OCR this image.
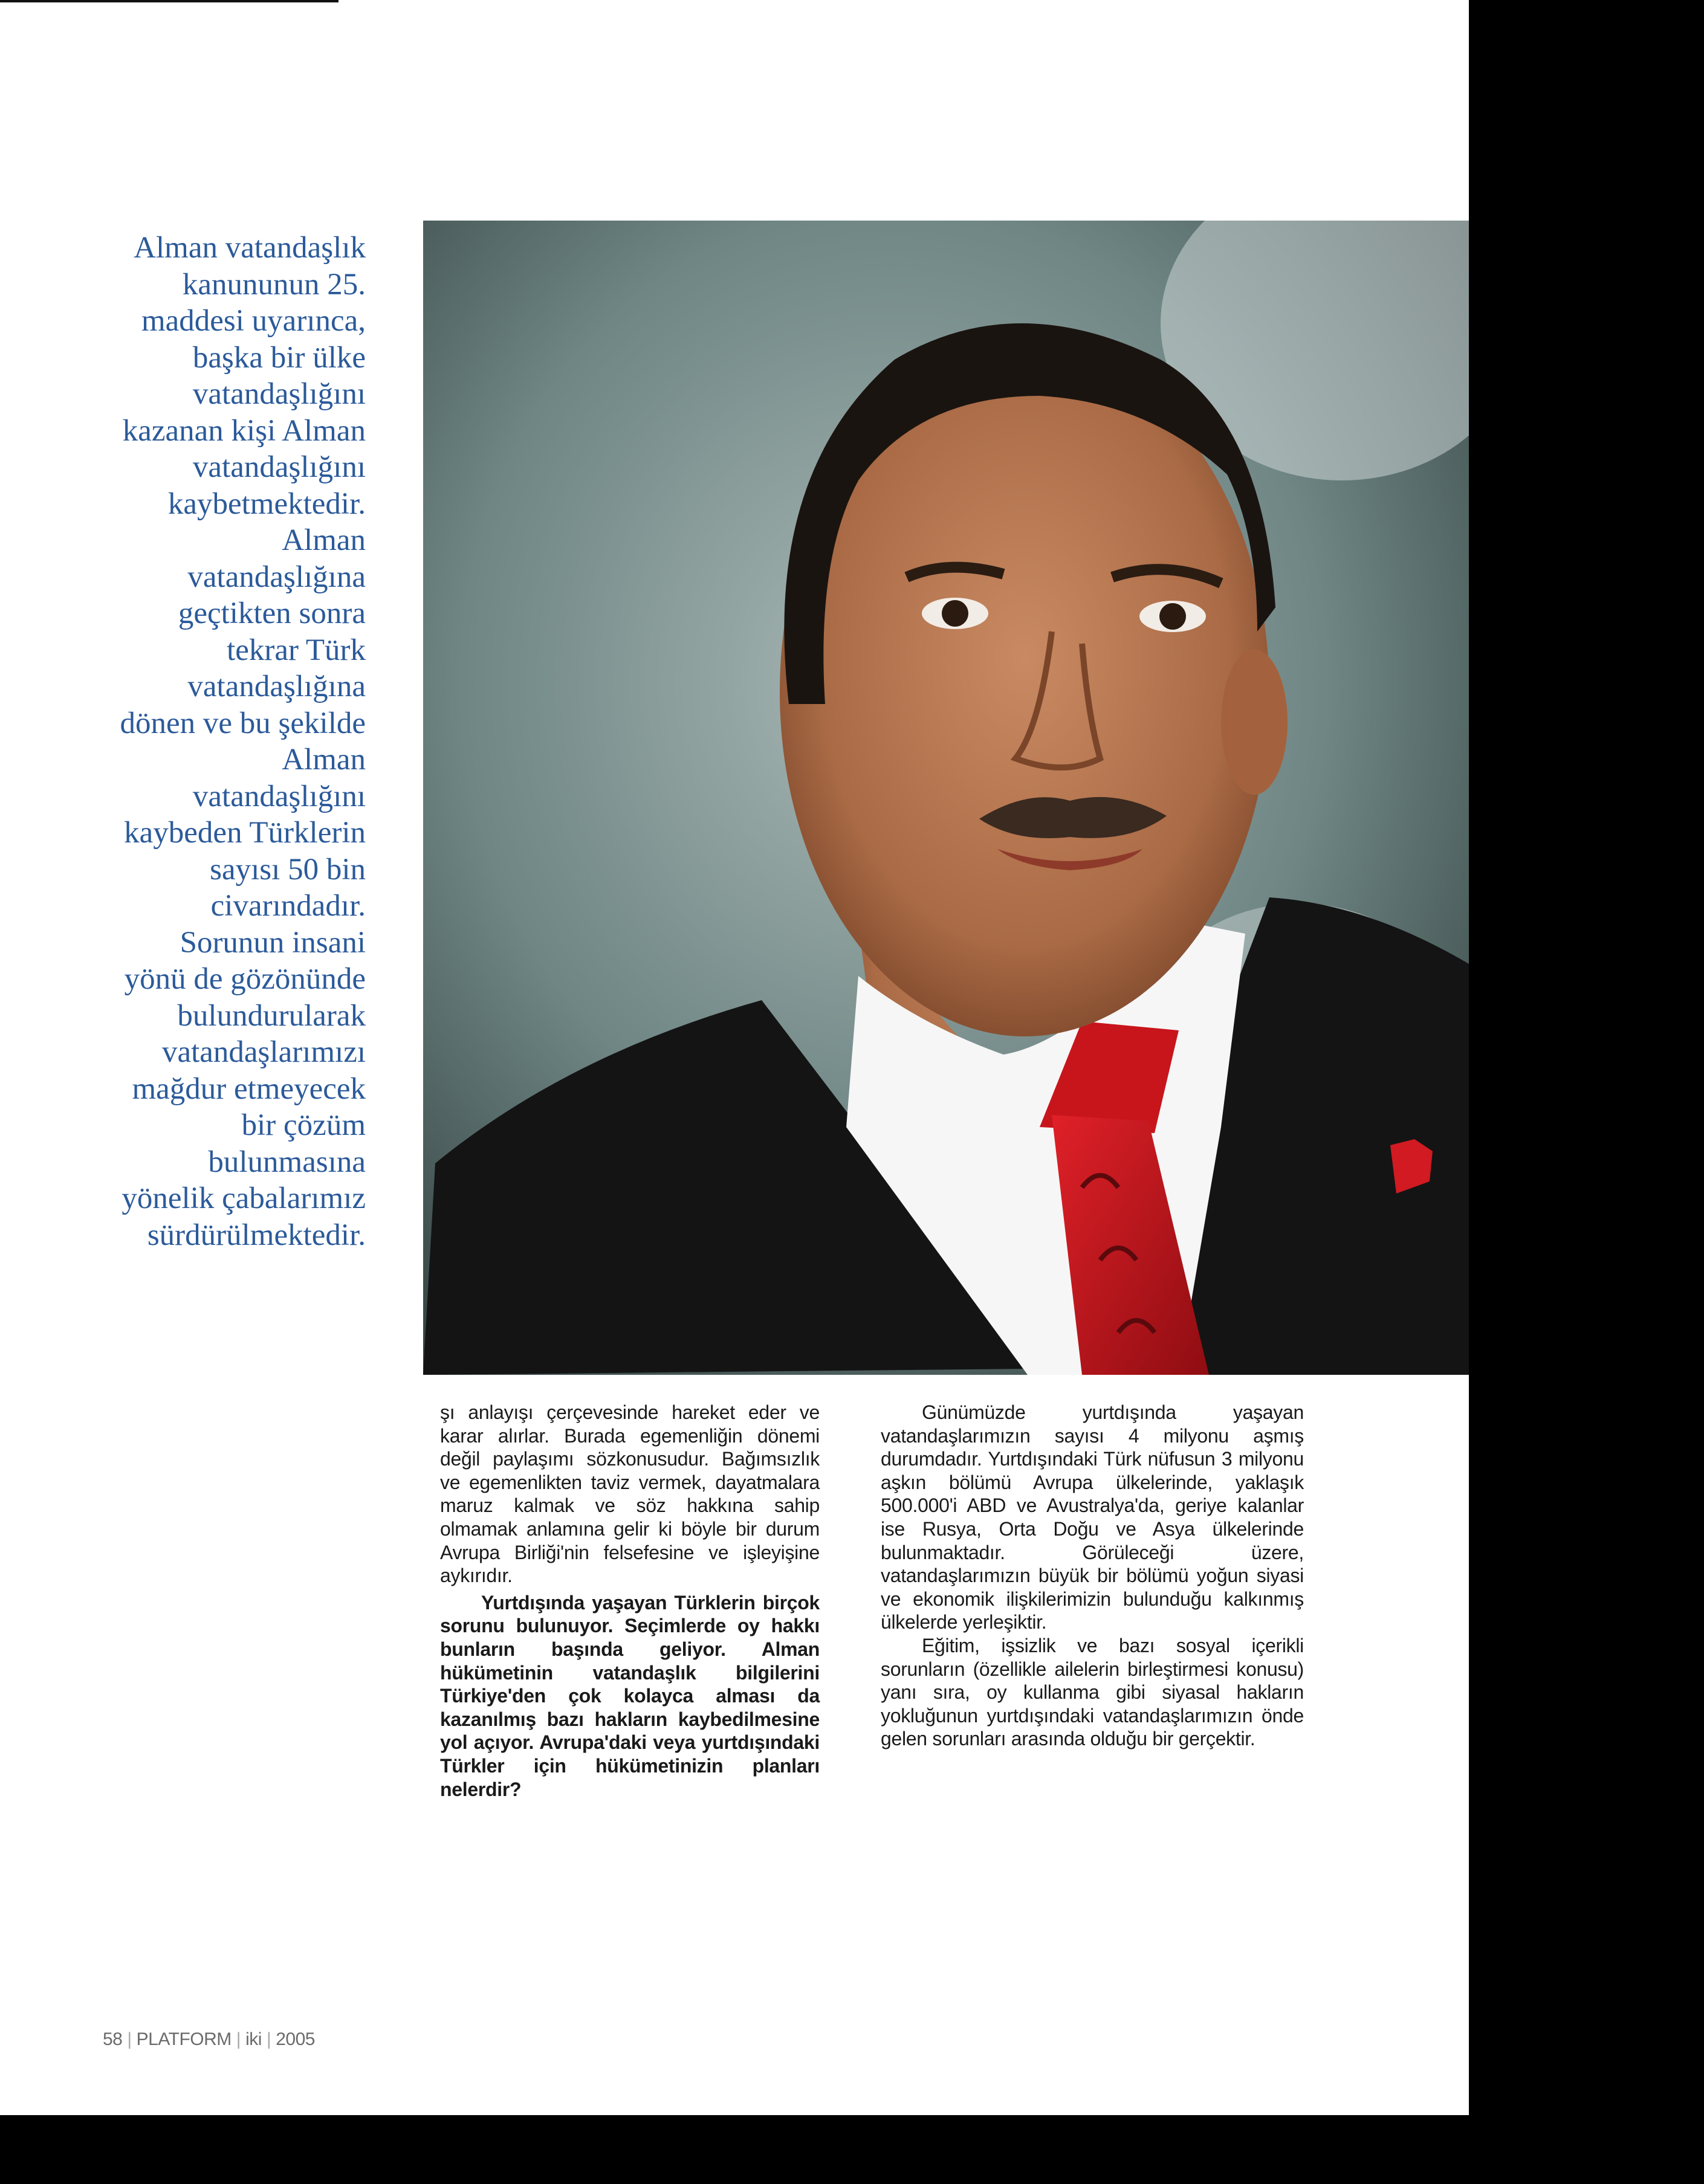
Alman vatandaşlık
kanununun 25.
maddesi uyarınca,
başka bir ülke
vatandaşlığını
kazanan kişi Alman
vatandaşlığını
kaybetmektedir.
Alman
vatandaşlığına
geçtikten sonra
tekrar Türk
vatandaşlığına
dönen ve bu şekilde
Alman
vatandaşlığını
kaybeden Türklerin
sayısı 50 bin
civarındadır.
Sorunun insani
yönü de gözönünde
bulundurularak
vatandaşlarımızı
mağdur etmeyecek
bir çözüm
bulunmasına
yönelik çabalarımız
sürdürülmektedir.

şı anlayışı çerçevesinde hareket eder ve karar alırlar. Burada egemenliğin dönemi değil paylaşımı sözkonusudur. Bağımsızlık ve egemenlikten taviz vermek, dayatmalara maruz kalmak ve söz hakkına sahip olmamak anlamına gelir ki böyle bir durum Avrupa Birliği'nin felsefesine ve işleyişine aykırıdır.

Yurtdışında yaşayan Türklerin birçok sorunu bulunuyor. Seçimlerde oy hakkı bunların başında geliyor. Alman hükümetinin vatandaşlık bilgilerini Türkiye'den çok kolayca alması da kazanılmış bazı hakların kaybedilmesine yol açıyor. Avrupa'daki veya yurtdışındaki Türkler için hükümetinizin planları nelerdir?

Günümüzde yurtdışında yaşayan vatandaşlarımızın sayısı 4 milyonu aşmış durumdadır. Yurtdışındaki Türk nüfusun 3 milyonu aşkın bölümü Avrupa ülkelerinde, yaklaşık 500.000'i ABD ve Avustralya'da, geriye kalanlar ise Rusya, Orta Doğu ve Asya ülkelerinde bulunmaktadır. Görüleceği üzere, vatandaşlarımızın büyük bir bölümü yoğun siyasi ve ekonomik ilişkilerimizin bulunduğu kalkınmış ülkelerde yerleşiktir.

Eğitim, işsizlik ve bazı sosyal içerikli sorunların (özellikle ailelerin birleştirmesi konusu) yanı sıra, oy kullanma gibi siyasal hakların yokluğunun yurtdışındaki vatandaşlarımızın önde gelen sorunları arasında olduğu bir gerçektir.

58 | PLATFORM | iki | 2005
